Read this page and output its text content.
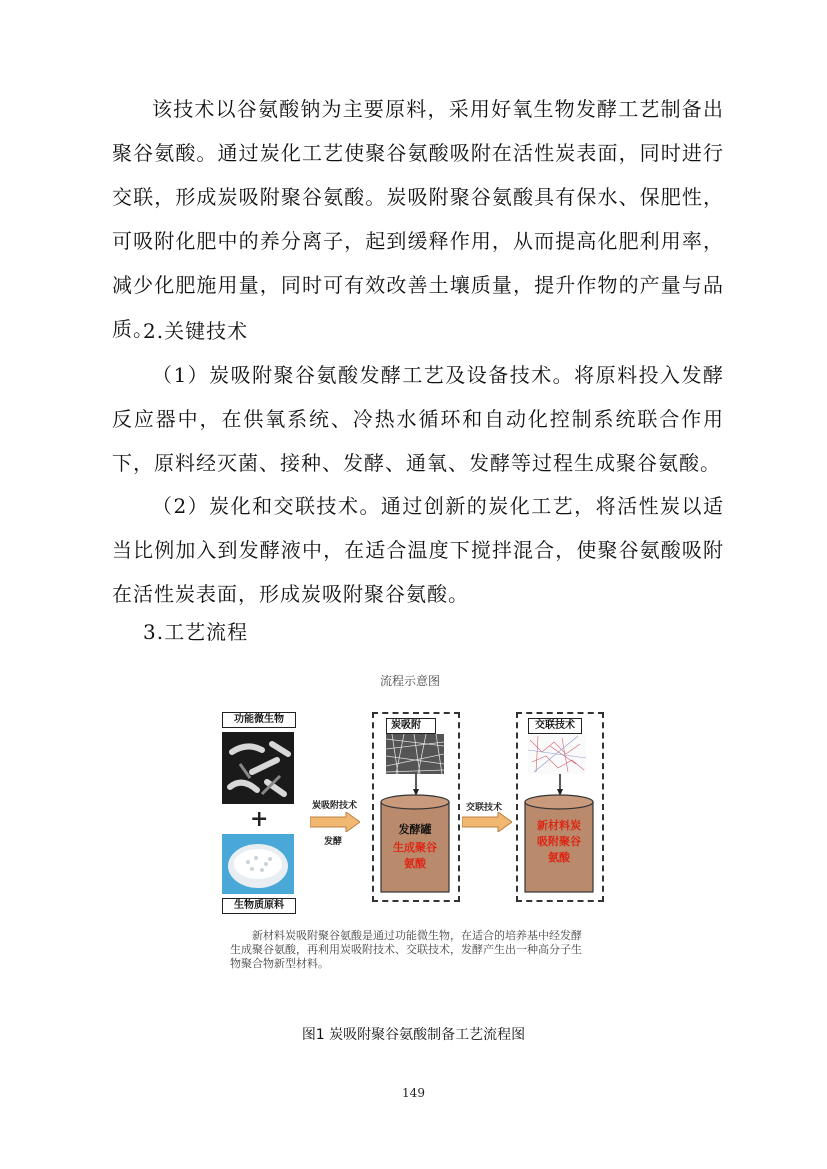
该技术以谷氨酸钠为主要原料，采用好氧生物发酵工艺制备出聚谷氨酸。通过炭化工艺使聚谷氨酸吸附在活性炭表面，同时进行交联，形成炭吸附聚谷氨酸。炭吸附聚谷氨酸具有保水、保肥性，可吸附化肥中的养分离子，起到缓释作用，从而提高化肥利用率，减少化肥施用量，同时可有效改善土壤质量，提升作物的产量与品质。

2.关键技术

（1）炭吸附聚谷氨酸发酵工艺及设备技术。将原料投入发酵反应器中，在供氧系统、冷热水循环和自动化控制系统联合作用下，原料经灭菌、接种、发酵、通氧、发酵等过程生成聚谷氨酸。

（2）炭化和交联技术。通过创新的炭化工艺，将活性炭以适当比例加入到发酵液中，在适合温度下搅拌混合，使聚谷氨酸吸附在活性炭表面，形成炭吸附聚谷氨酸。

3.工艺流程

流程示意图
功能微生物
+
生物质原料
炭吸附技术
发酵
炭吸附
发酵罐
生成聚谷氨酸
交联技术
交联技术
新材料炭吸附聚谷氨酸

新材料炭吸附聚谷氨酸是通过功能微生物，在适合的培养基中经发酵生成聚谷氨酸，再利用炭吸附技术、交联技术，发酵产生出一种高分子生物聚合物新型材料。

图1 炭吸附聚谷氨酸制备工艺流程图
149
